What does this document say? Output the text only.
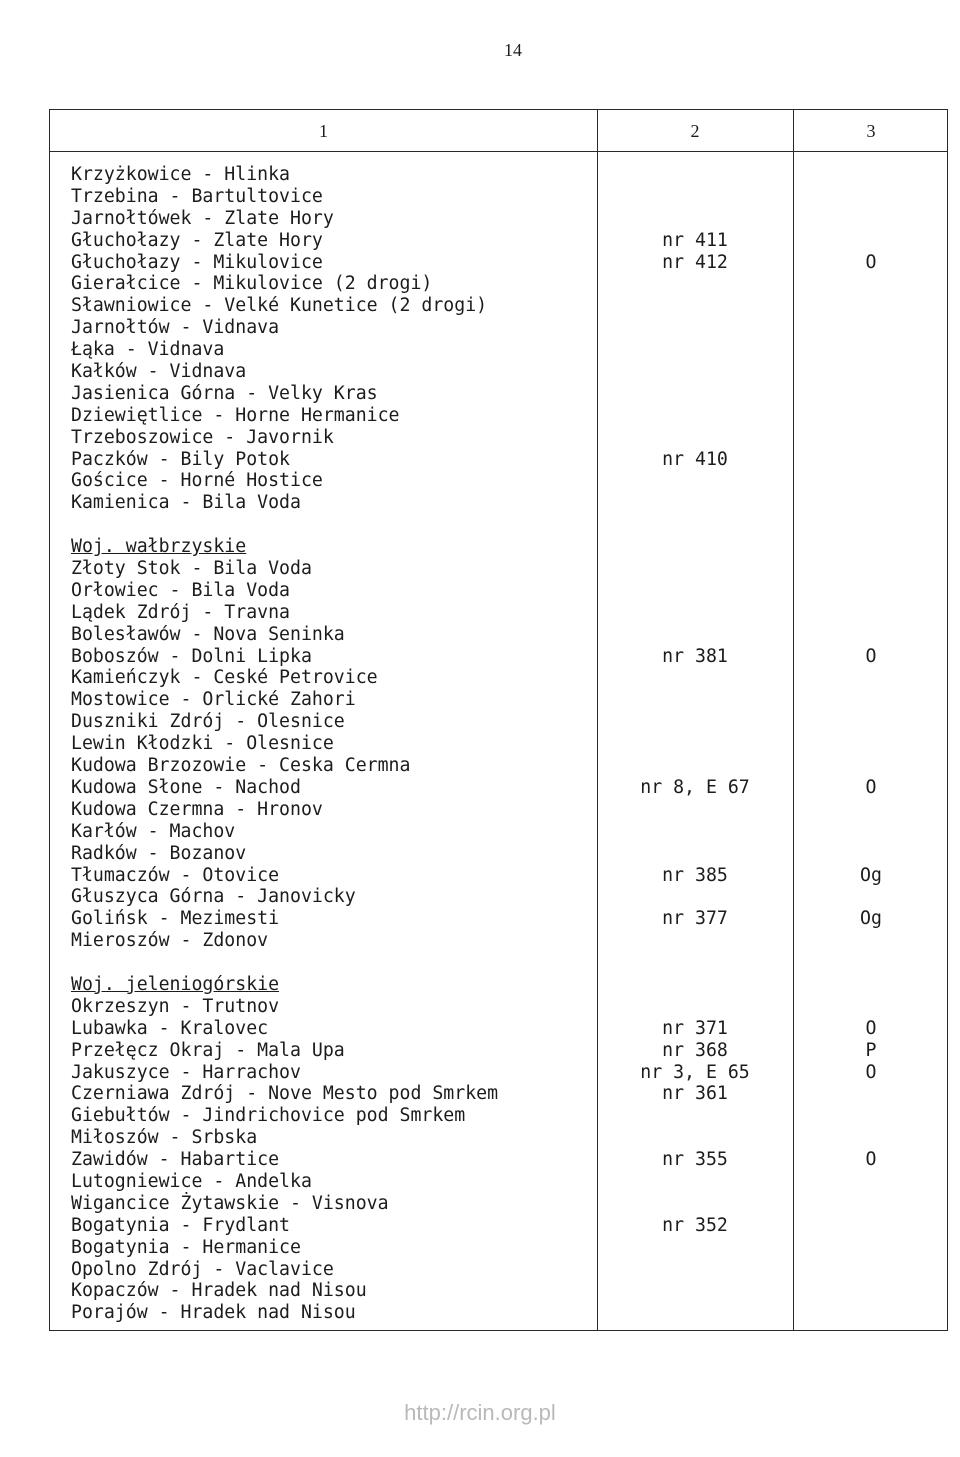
14
1	2	3
Krzyżkowice - Hlinka
Trzebina - Bartultovice
Jarnołtówek - Zlate Hory
Głuchołazy - Zlate Hory	nr 411
Głuchołazy - Mikulovice	nr 412	O
Gierałcice - Mikulovice (2 drogi)
Sławniowice - Velké Kunetice (2 drogi)
Jarnołtów - Vidnava
Łąka - Vidnava
Kałków - Vidnava
Jasienica Górna - Velky Kras
Dziewiętlice - Horne Hermanice
Trzeboszowice - Javornik
Paczków - Bily Potok	nr 410
Gościce - Horné Hostice
Kamienica - Bila Voda
Woj. wałbrzyskie
Złoty Stok - Bila Voda
Orłowiec - Bila Voda
Lądek Zdrój - Travna
Bolesławów - Nova Seninka
Boboszów - Dolni Lipka	nr 381	O
Kamieńczyk - Ceské Petrovice
Mostowice - Orlické Zahori
Duszniki Zdrój - Olesnice
Lewin Kłodzki - Olesnice
Kudowa Brzozowie - Ceska Cermna
Kudowa Słone - Nachod	nr 8, E 67	O
Kudowa Czermna - Hronov
Karłów - Machov
Radków - Bozanov
Tłumaczów - Otovice	nr 385	Og
Głuszyca Górna - Janovicky
Golińsk - Mezimesti	nr 377	Og
Mieroszów - Zdonov
Woj. jeleniogórskie
Okrzeszyn - Trutnov
Lubawka - Kralovec	nr 371	O
Przełęcz Okraj - Mala Upa	nr 368	P
Jakuszyce - Harrachov	nr 3, E 65	O
Czerniawa Zdrój - Nove Mesto pod Smrkem	nr 361
Giebułtów - Jindrichovice pod Smrkem
Miłoszów - Srbska
Zawidów - Habartice	nr 355	O
Lutogniewice - Andelka
Wigancice Żytawskie - Visnova
Bogatynia - Frydlant	nr 352
Bogatynia - Hermanice
Opolno Zdrój - Vaclavice
Kopaczów - Hradek nad Nisou
Porajów - Hradek nad Nisou
http://rcin.org.pl
